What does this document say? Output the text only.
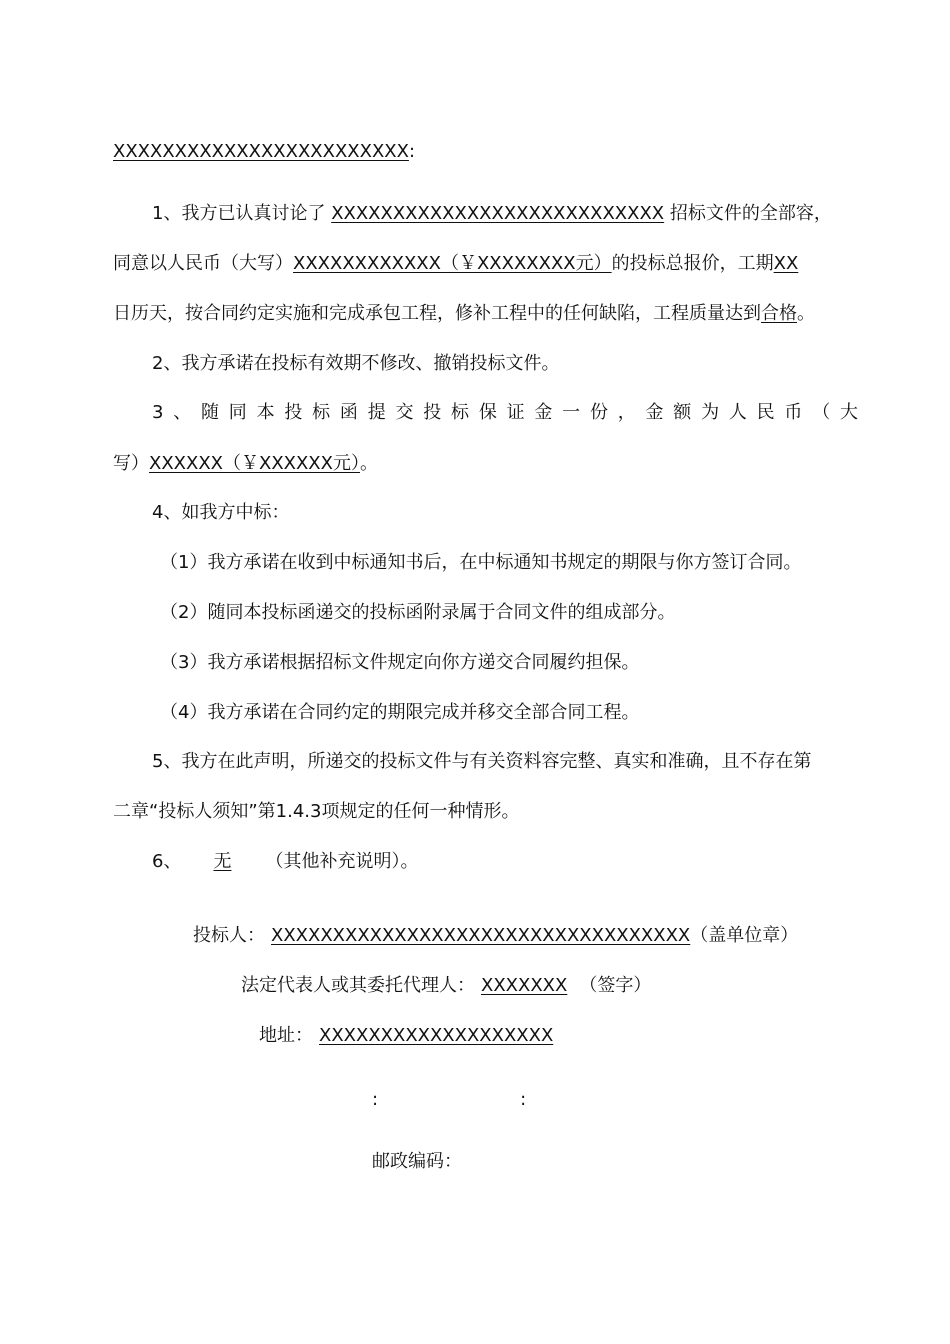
XXXXXXXXXXXXXXXXXXXXXXXX:
1、我方已认真讨论了 XXXXXXXXXXXXXXXXXXXXXXXXXXX 招标文件的全部容，
同意以人民币（大写）XXXXXXXXXXXX（￥XXXXXXXX元）的投标总报价，工期XX
日历天，按合同约定实施和完成承包工程，修补工程中的任何缺陷，工程质量达到合格。
2、我方承诺在投标有效期不修改、撤销投标文件。
3 、 随 同 本 投 标 函 提 交 投 标 保 证 金 一 份 ， 金 额 为 人 民 币 （ 大
写）XXXXXX（￥XXXXXX元）。
4、如我方中标：
（1）我方承诺在收到中标通知书后，在中标通知书规定的期限与你方签订合同。
（2）随同本投标函递交的投标函附录属于合同文件的组成部分。
（3）我方承诺根据招标文件规定向你方递交合同履约担保。
（4）我方承诺在合同约定的期限完成并移交全部合同工程。
5、我方在此声明，所递交的投标文件与有关资料容完整、真实和准确，且不存在第
二章“投标人须知”第1.4.3项规定的任何一种情形。
6、 无 （其他补充说明）。
投标人： XXXXXXXXXXXXXXXXXXXXXXXXXXXXXXXXXX（盖单位章）
法定代表人或其委托代理人： XXXXXXX （签字）
地址： XXXXXXXXXXXXXXXXXXX
:	:
邮政编码：
